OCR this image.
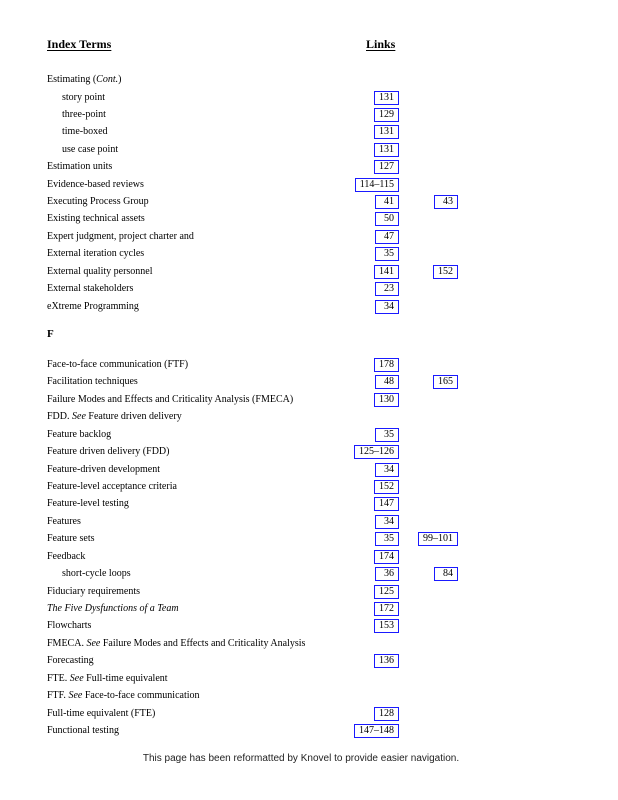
Index Terms	Links
Estimating (Cont.)
story point	131
three-point	129
time-boxed	131
use case point	131
Estimation units	127
Evidence-based reviews	114–115
Executing Process Group	41	43
Existing technical assets	50
Expert judgment, project charter and	47
External iteration cycles	35
External quality personnel	141	152
External stakeholders	23
eXtreme Programming	34
Face-to-face communication (FTF)	178
Facilitation techniques	48	165
Failure Modes and Effects and Criticality Analysis (FMECA)	130
FDD. See Feature driven delivery
Feature backlog	35
Feature driven delivery (FDD)	125–126
Feature-driven development	34
Feature-level acceptance criteria	152
Feature-level testing	147
Features	34
Feature sets	35	99–101
Feedback	174
short-cycle loops	36	84
Fiduciary requirements	125
The Five Dysfunctions of a Team	172
Flowcharts	153
FMECA. See Failure Modes and Effects and Criticality Analysis
Forecasting	136
FTE. See Full-time equivalent
FTF. See Face-to-face communication
Full-time equivalent (FTE)	128
Functional testing	147–148
F
This page has been reformatted by Knovel to provide easier navigation.
